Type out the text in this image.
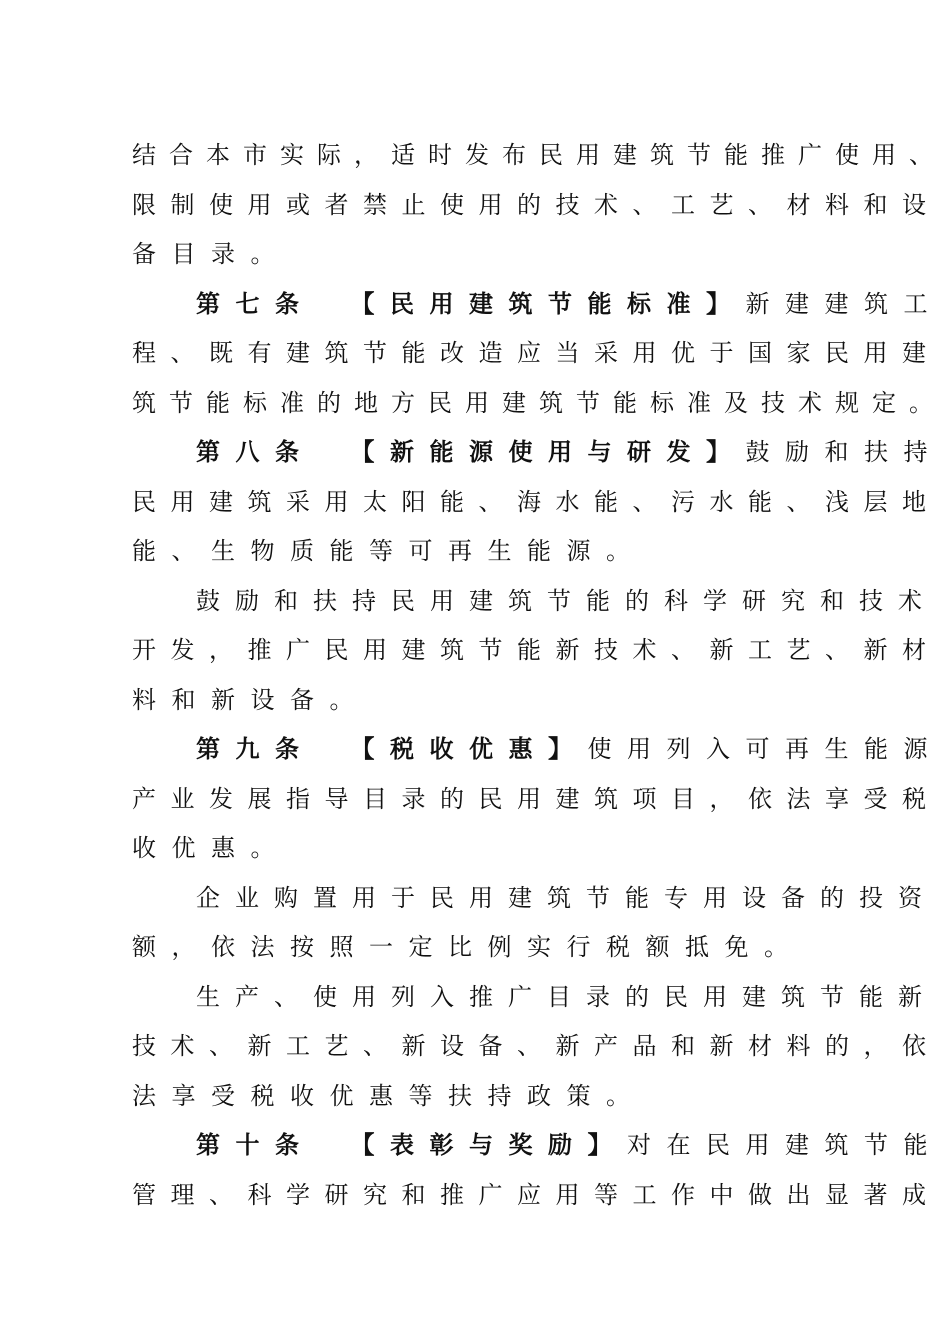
结合本市实际，适时发布民用建筑节能推广使用、
限制使用或者禁止使用的技术、工艺、材料和设
备目录。
第七条 【民用建筑节能标准】新建建筑工
程、既有建筑节能改造应当采用优于国家民用建
筑节能标准的地方民用建筑节能标准及技术规定。
第八条 【新能源使用与研发】鼓励和扶持
民用建筑采用太阳能、海水能、污水能、浅层地
能、生物质能等可再生能源。
鼓励和扶持民用建筑节能的科学研究和技术
开发，推广民用建筑节能新技术、新工艺、新材
料和新设备。
第九条 【税收优惠】使用列入可再生能源
产业发展指导目录的民用建筑项目，依法享受税
收优惠。
企业购置用于民用建筑节能专用设备的投资
额，依法按照一定比例实行税额抵免。
生产、使用列入推广目录的民用建筑节能新
技术、新工艺、新设备、新产品和新材料的，依
法享受税收优惠等扶持政策。
第十条 【表彰与奖励】对在民用建筑节能
管理、科学研究和推广应用等工作中做出显著成
